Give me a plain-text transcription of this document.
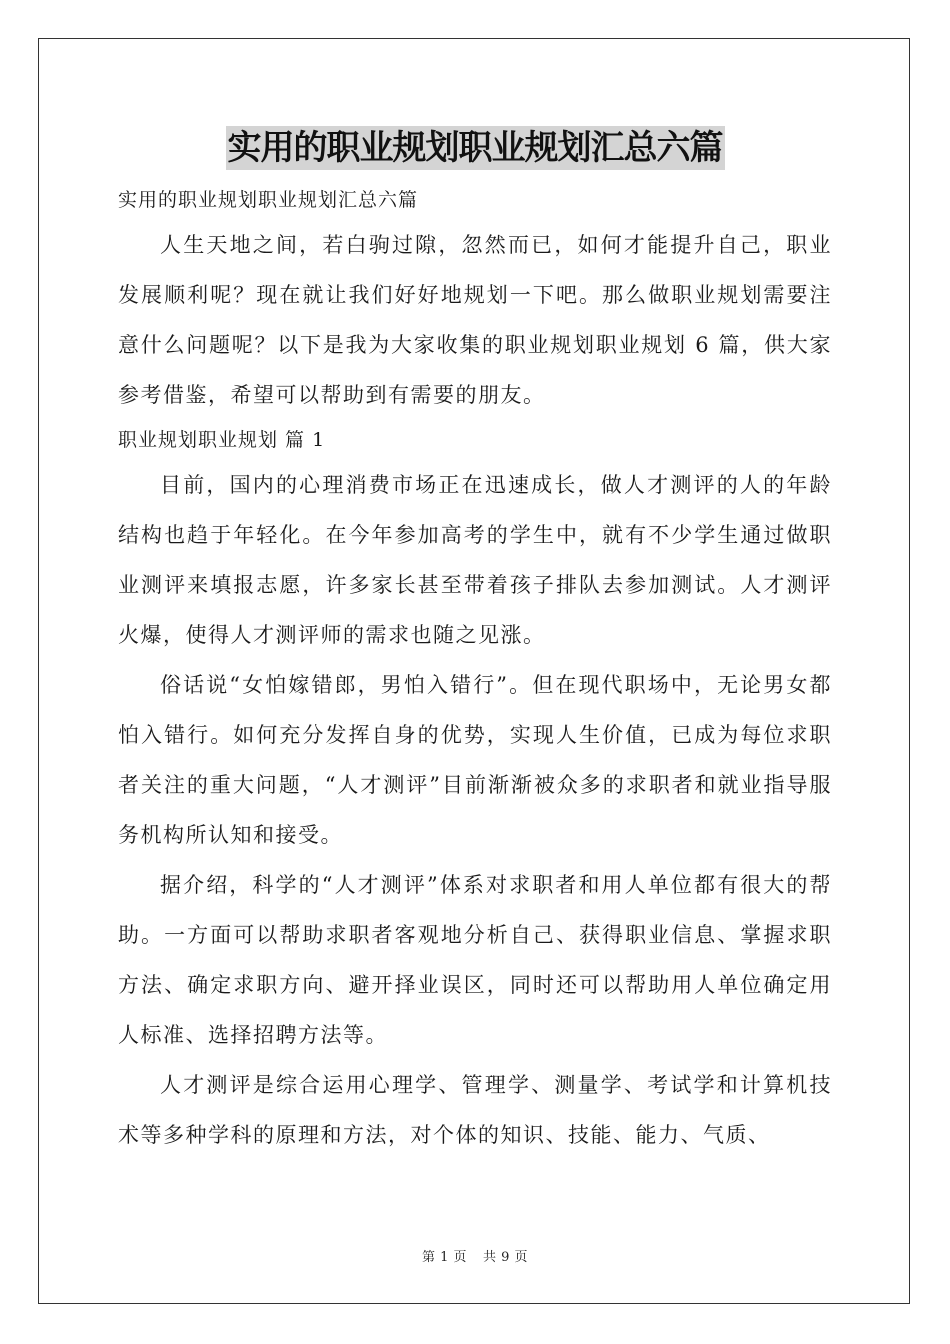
实用的职业规划职业规划汇总六篇

实用的职业规划职业规划汇总六篇

人生天地之间，若白驹过隙，忽然而已，如何才能提升自己，职业发展顺利呢？现在就让我们好好地规划一下吧。那么做职业规划需要注意什么问题呢？以下是我为大家收集的职业规划职业规划 6 篇，供大家参考借鉴，希望可以帮助到有需要的朋友。

职业规划职业规划 篇 1

目前，国内的心理消费市场正在迅速成长，做人才测评的人的年龄结构也趋于年轻化。在今年参加高考的学生中，就有不少学生通过做职业测评来填报志愿，许多家长甚至带着孩子排队去参加测试。人才测评火爆，使得人才测评师的需求也随之见涨。

俗话说“女怕嫁错郎，男怕入错行”。但在现代职场中，无论男女都怕入错行。如何充分发挥自身的优势，实现人生价值，已成为每位求职者关注的重大问题，“人才测评”目前渐渐被众多的求职者和就业指导服务机构所认知和接受。

据介绍，科学的“人才测评”体系对求职者和用人单位都有很大的帮助。一方面可以帮助求职者客观地分析自己、获得职业信息、掌握求职方法、确定求职方向、避开择业误区，同时还可以帮助用人单位确定用人标准、选择招聘方法等。

人才测评是综合运用心理学、管理学、测量学、考试学和计算机技术等多种学科的原理和方法，对个体的知识、技能、能力、气质、

第 1 页 共 9 页
